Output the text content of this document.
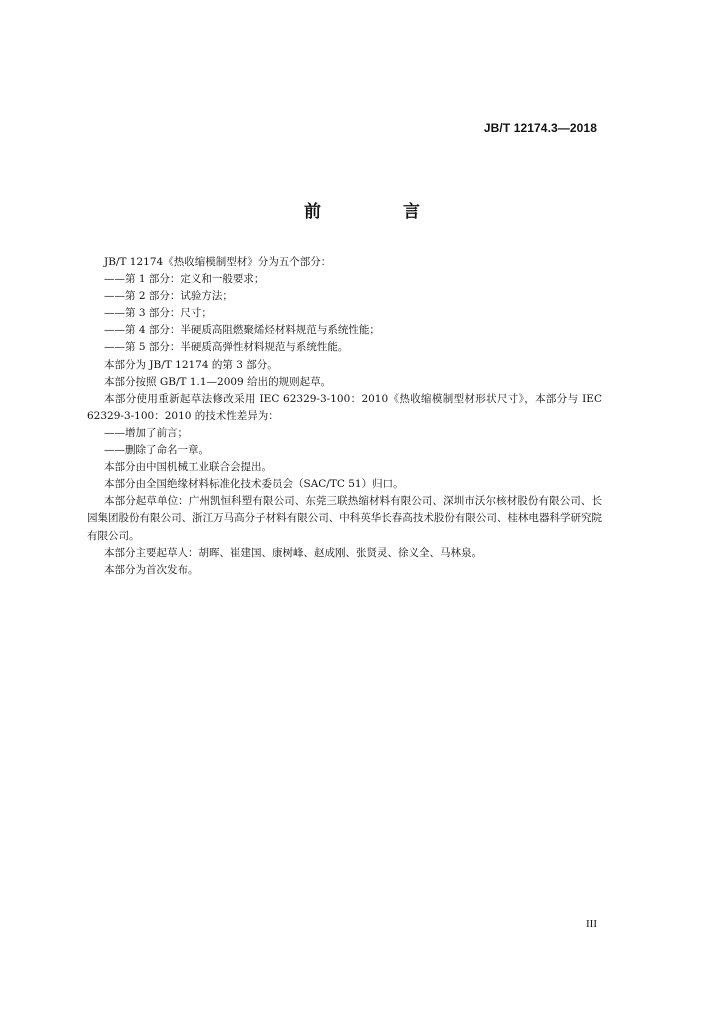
JB/T 12174.3—2018
前 言

JB/T 12174《热收缩模制型材》分为五个部分：

——第 1 部分：定义和一般要求；

——第 2 部分：试验方法；

——第 3 部分：尺寸；

——第 4 部分：半硬质高阻燃聚烯烃材料规范与系统性能；

——第 5 部分：半硬质高弹性材料规范与系统性能。

本部分为 JB/T 12174 的第 3 部分。

本部分按照 GB/T 1.1—2009 给出的规则起草。

本部分使用重新起草法修改采用 IEC 62329-3-100：2010《热收缩模制型材形状尺寸》，本部分与 IEC 62329-3-100：2010 的技术性差异为：

——增加了前言；

——删除了命名一章。

本部分由中国机械工业联合会提出。

本部分由全国绝缘材料标准化技术委员会（SAC/TC 51）归口。

本部分起草单位：广州凯恒科塑有限公司、东莞三联热缩材料有限公司、深圳市沃尔核材股份有限公司、长园集团股份有限公司、浙江万马高分子材料有限公司、中科英华长春高技术股份有限公司、桂林电器科学研究院有限公司。

本部分主要起草人：胡晖、崔建国、康树峰、赵成刚、张贤灵、徐义全、马林泉。

本部分为首次发布。

III
